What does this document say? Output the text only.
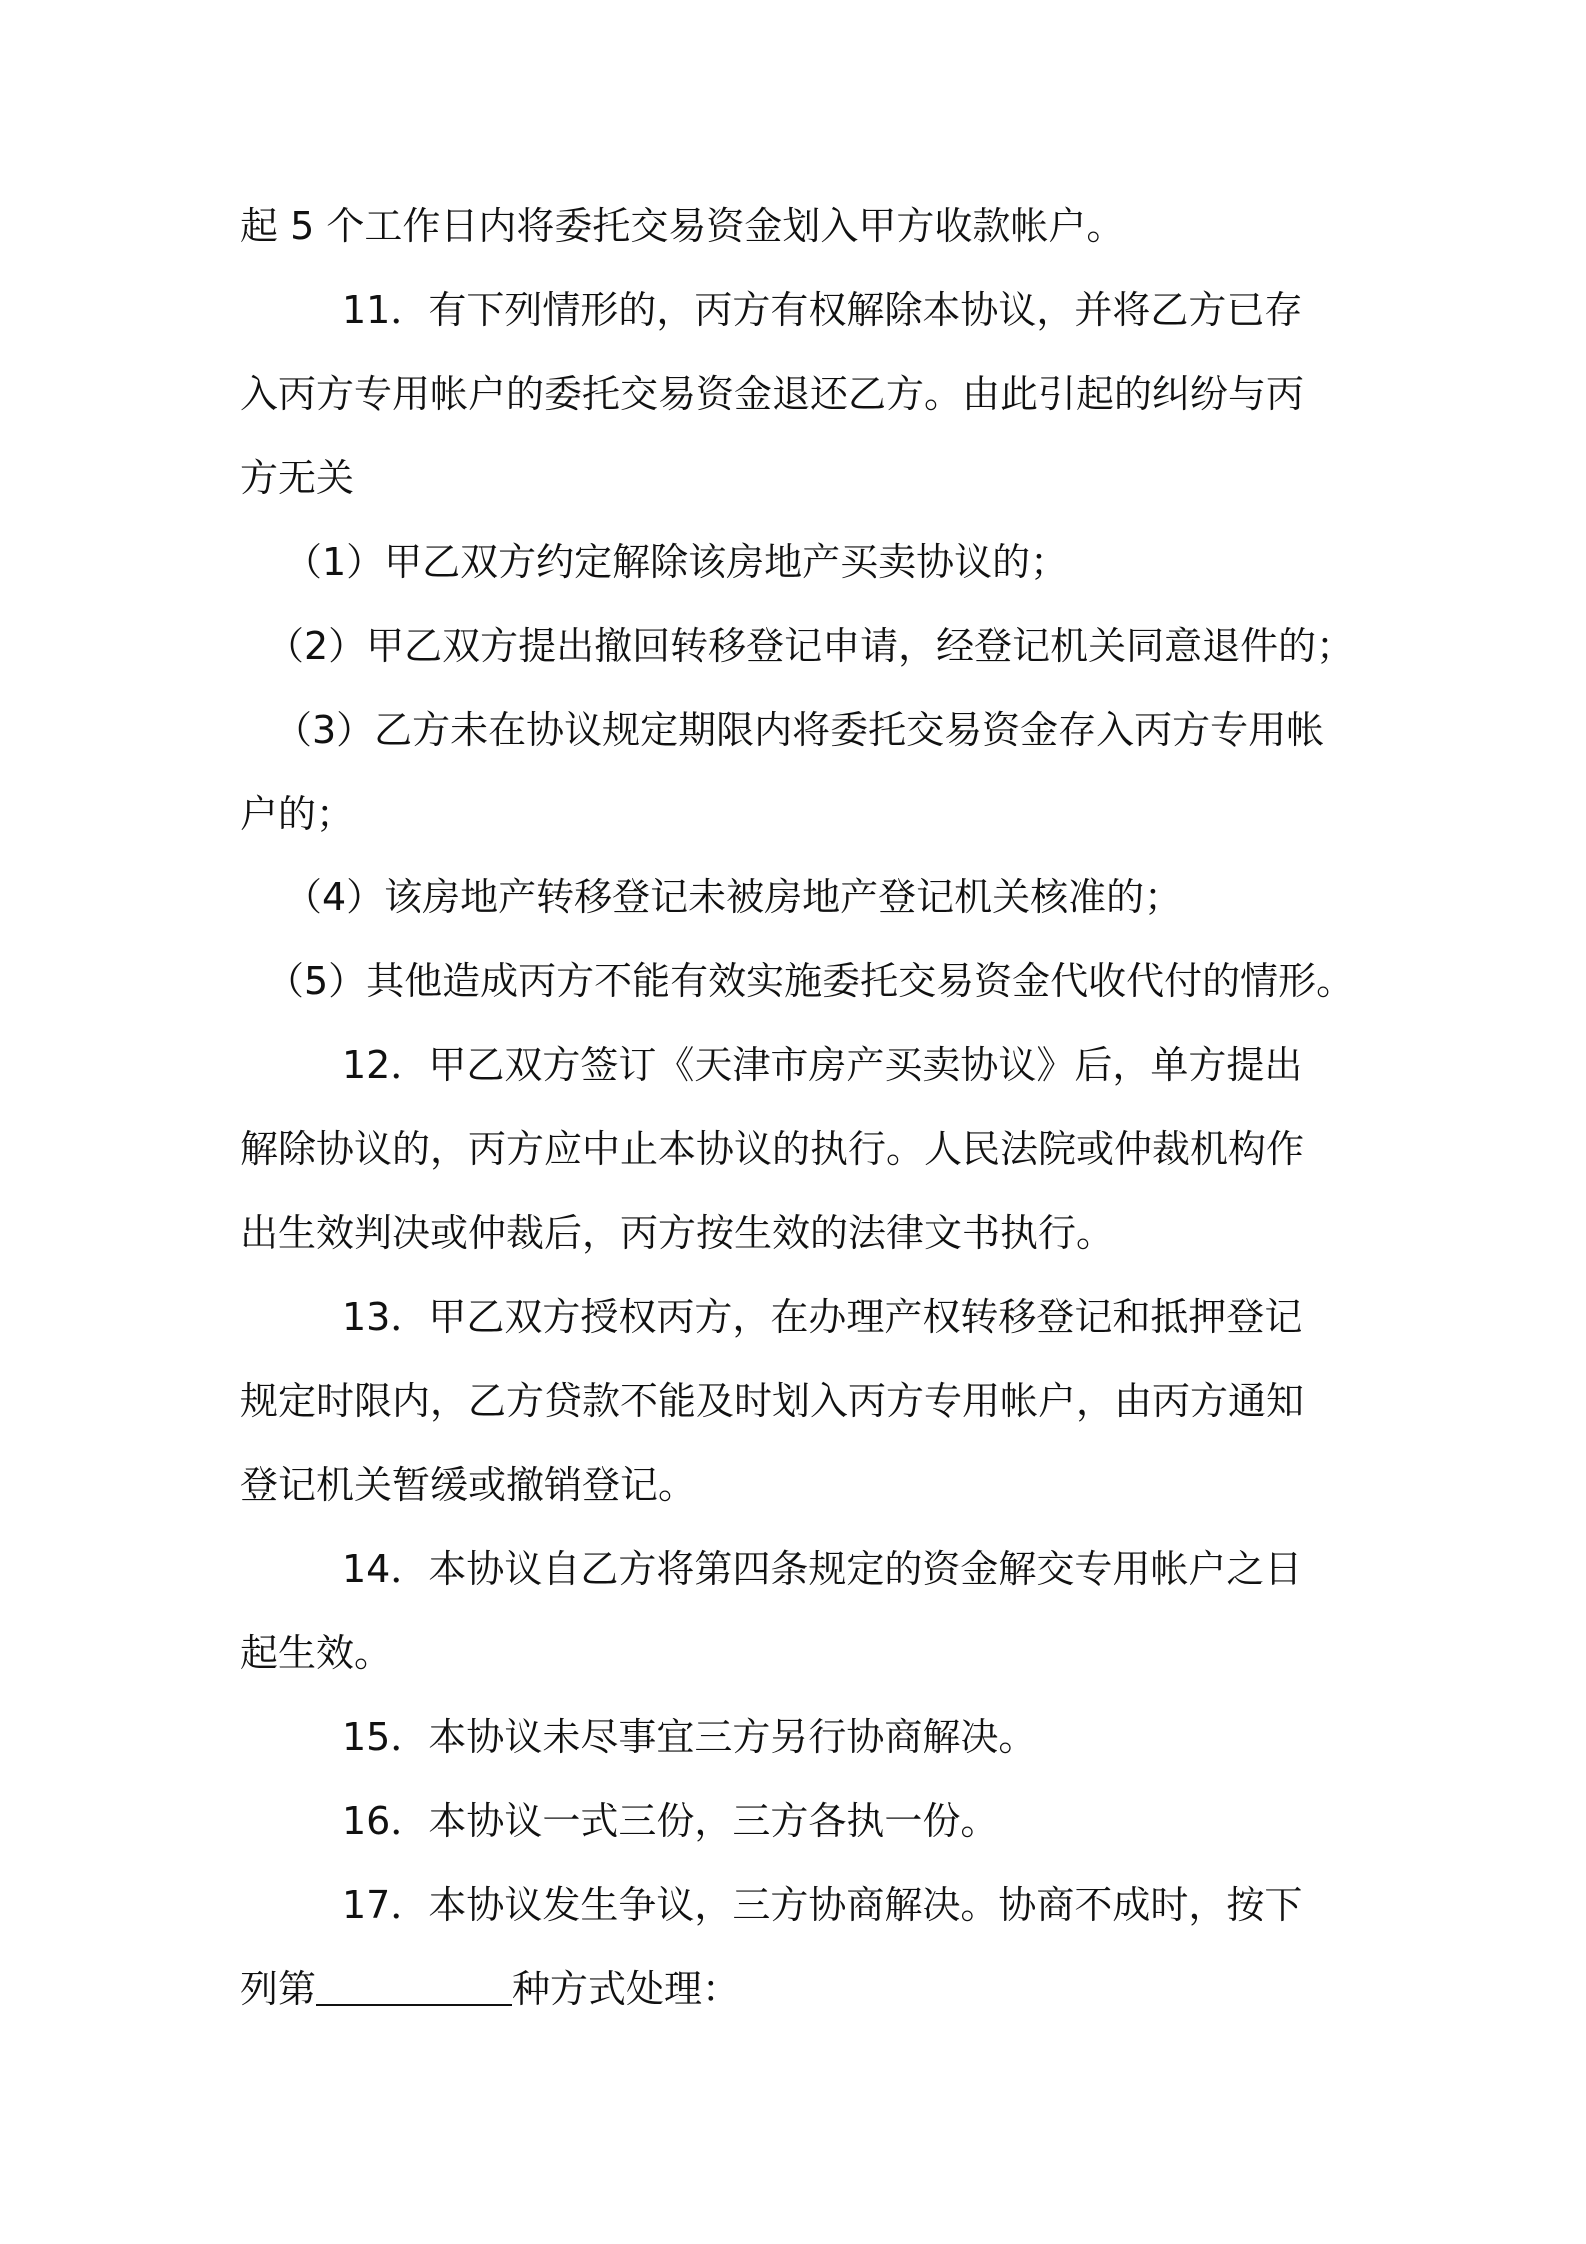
起 5 个工作日内将委托交易资金划入甲方收款帐户。

11．有下列情形的，丙方有权解除本协议，并将乙方已存

入丙方专用帐户的委托交易资金退还乙方。由此引起的纠纷与丙

方无关

（1）甲乙双方约定解除该房地产买卖协议的；

（2）甲乙双方提出撤回转移登记申请，经登记机关同意退件的；

（3）乙方未在协议规定期限内将委托交易资金存入丙方专用帐

户的；

（4）该房地产转移登记未被房地产登记机关核准的；

（5）其他造成丙方不能有效实施委托交易资金代收代付的情形。

12．甲乙双方签订《天津市房产买卖协议》后，单方提出

解除协议的，丙方应中止本协议的执行。人民法院或仲裁机构作

出生效判决或仲裁后，丙方按生效的法律文书执行。

13．甲乙双方授权丙方，在办理产权转移登记和抵押登记

规定时限内，乙方贷款不能及时划入丙方专用帐户，由丙方通知

登记机关暂缓或撤销登记。

14．本协议自乙方将第四条规定的资金解交专用帐户之日

起生效。

15．本协议未尽事宜三方另行协商解决。

16．本协议一式三份，三方各执一份。

17．本协议发生争议，三方协商解决。协商不成时，按下

列第	种方式处理：
